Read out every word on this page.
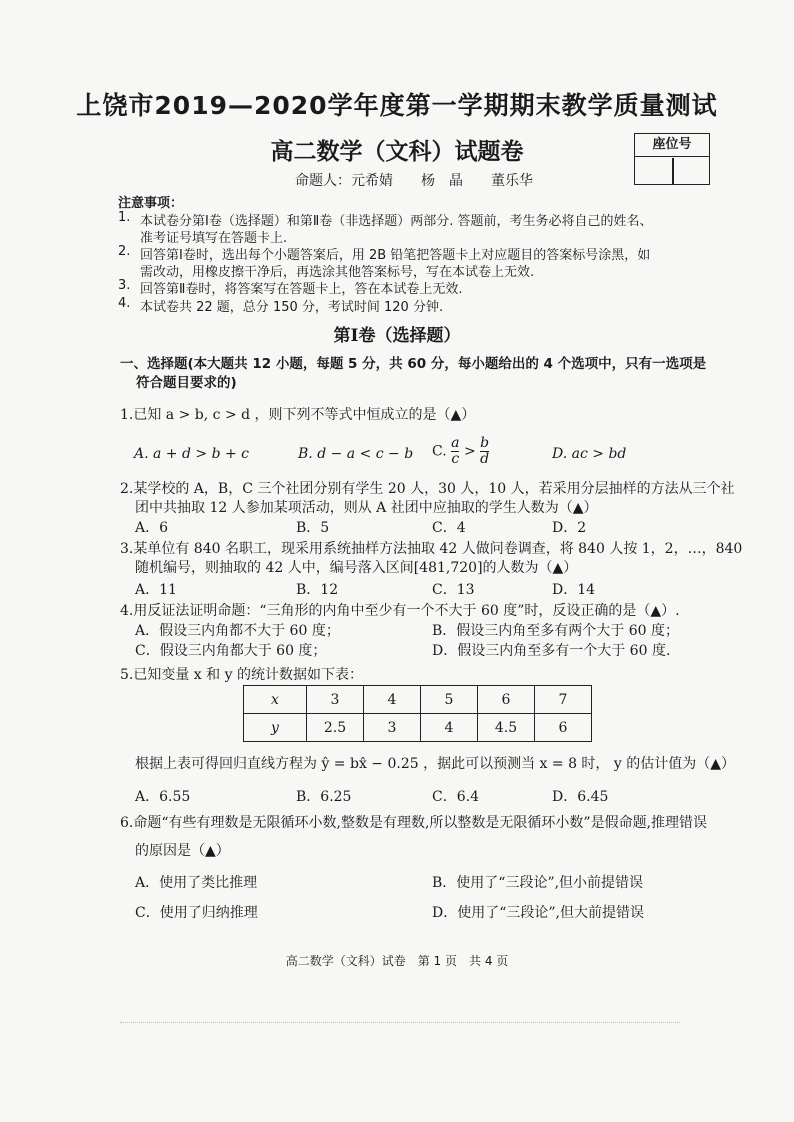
上饶市2019—2020学年度第一学期期末教学质量测试
高二数学（文科）试题卷	座位号
命题人：元希婧　　杨　晶　　董乐华
注意事项：
1. 本试卷分第Ⅰ卷（选择题）和第Ⅱ卷（非选择题）两部分. 答题前，考生务必将自己的姓名、
准考证号填写在答题卡上.
2. 回答第Ⅰ卷时，选出每个小题答案后，用 2B 铅笔把答题卡上对应题目的答案标号涂黑，如
需改动，用橡皮擦干净后，再选涂其他答案标号，写在本试卷上无效.
3. 回答第Ⅱ卷时，将答案写在答题卡上，答在本试卷上无效.
4. 本试卷共 22 题，总分 150 分，考试时间 120 分钟.
第Ⅰ卷（选择题）
一、选择题(本大题共 12 小题，每题 5 分，共 60 分，每小题给出的 4 个选项中，只有一选项是
符合题目要求的)
1.已知 a > b, c > d ，则下列不等式中恒成立的是（▲）
A. a + d > b + c	B. d − a < c − b C. $\frac{a}{c} > \frac{b}{d}$	D. ac > bd
2.某学校的 A，B，C 三个社团分别有学生 20 人，30 人，10 人，若采用分层抽样的方法从三个社
团中共抽取 12 人参加某项活动，则从 A 社团中应抽取的学生人数为（▲）
A．6	B．5	C．4	D．2
3.某单位有 840 名职工，现采用系统抽样方法抽取 42 人做问卷调查，将 840 人按 1，2，…，840
随机编号，则抽取的 42 人中，编号落入区间[481,720]的人数为（▲）
A．11	B．12	C．13	D．14
4.用反证法证明命题：“三角形的内角中至少有一个不大于 60 度”时，反设正确的是（▲）.
A．假设三内角都不大于 60 度；	B．假设三内角至多有两个大于 60 度；
C．假设三内角都大于 60 度；	D．假设三内角至多有一个大于 60 度.
5.已知变量 x 和 y 的统计数据如下表：
x	3	4	5	6	7
y	2.5	3	4	4.5	6
根据上表可得回归直线方程为 ŷ = bx̂ − 0.25 ，据此可以预测当 x = 8 时， y 的估计值为（▲）
A．6.55	B．6.25	C．6.4	D．6.45
6.命题“有些有理数是无限循环小数,整数是有理数,所以整数是无限循环小数”是假命题,推理错误
的原因是（▲）
A．使用了类比推理	B．使用了“三段论”,但小前提错误
C．使用了归纳推理	D．使用了“三段论”,但大前提错误
高二数学（文科）试卷　第 1 页　共 4 页
